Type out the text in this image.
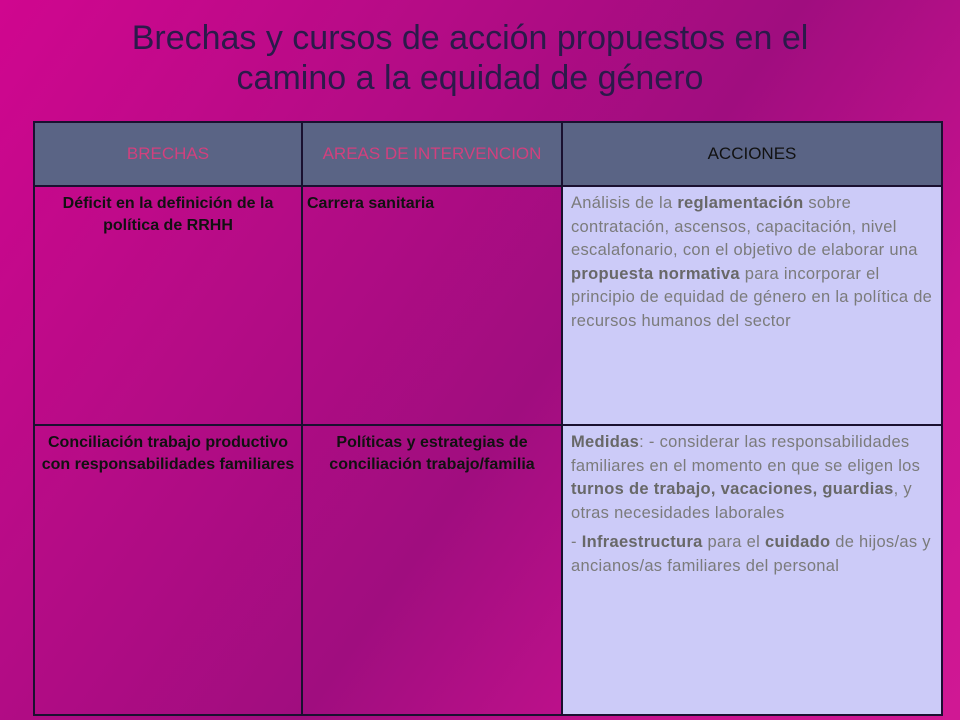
Brechas y cursos de acción propuestos en el
camino a la equidad de género
BRECHAS	AREAS DE INTERVENCION	ACCIONES
Déficit en la definición de la política de RRHH	Carrera sanitaria	Análisis de la reglamentación sobre contratación, ascensos, capacitación, nivel escalafonario, con el objetivo de elaborar una propuesta normativa para incorporar el principio de equidad de género en la política de recursos humanos del sector
Conciliación trabajo productivo con responsabilidades familiares	Políticas y estrategias de conciliación trabajo/familia	Medidas: - considerar las responsabilidades familiares en el momento en que se eligen los turnos de trabajo, vacaciones, guardias, y otras necesidades laborales

- Infraestructura para el cuidado de hijos/as y ancianos/as familiares del personal
